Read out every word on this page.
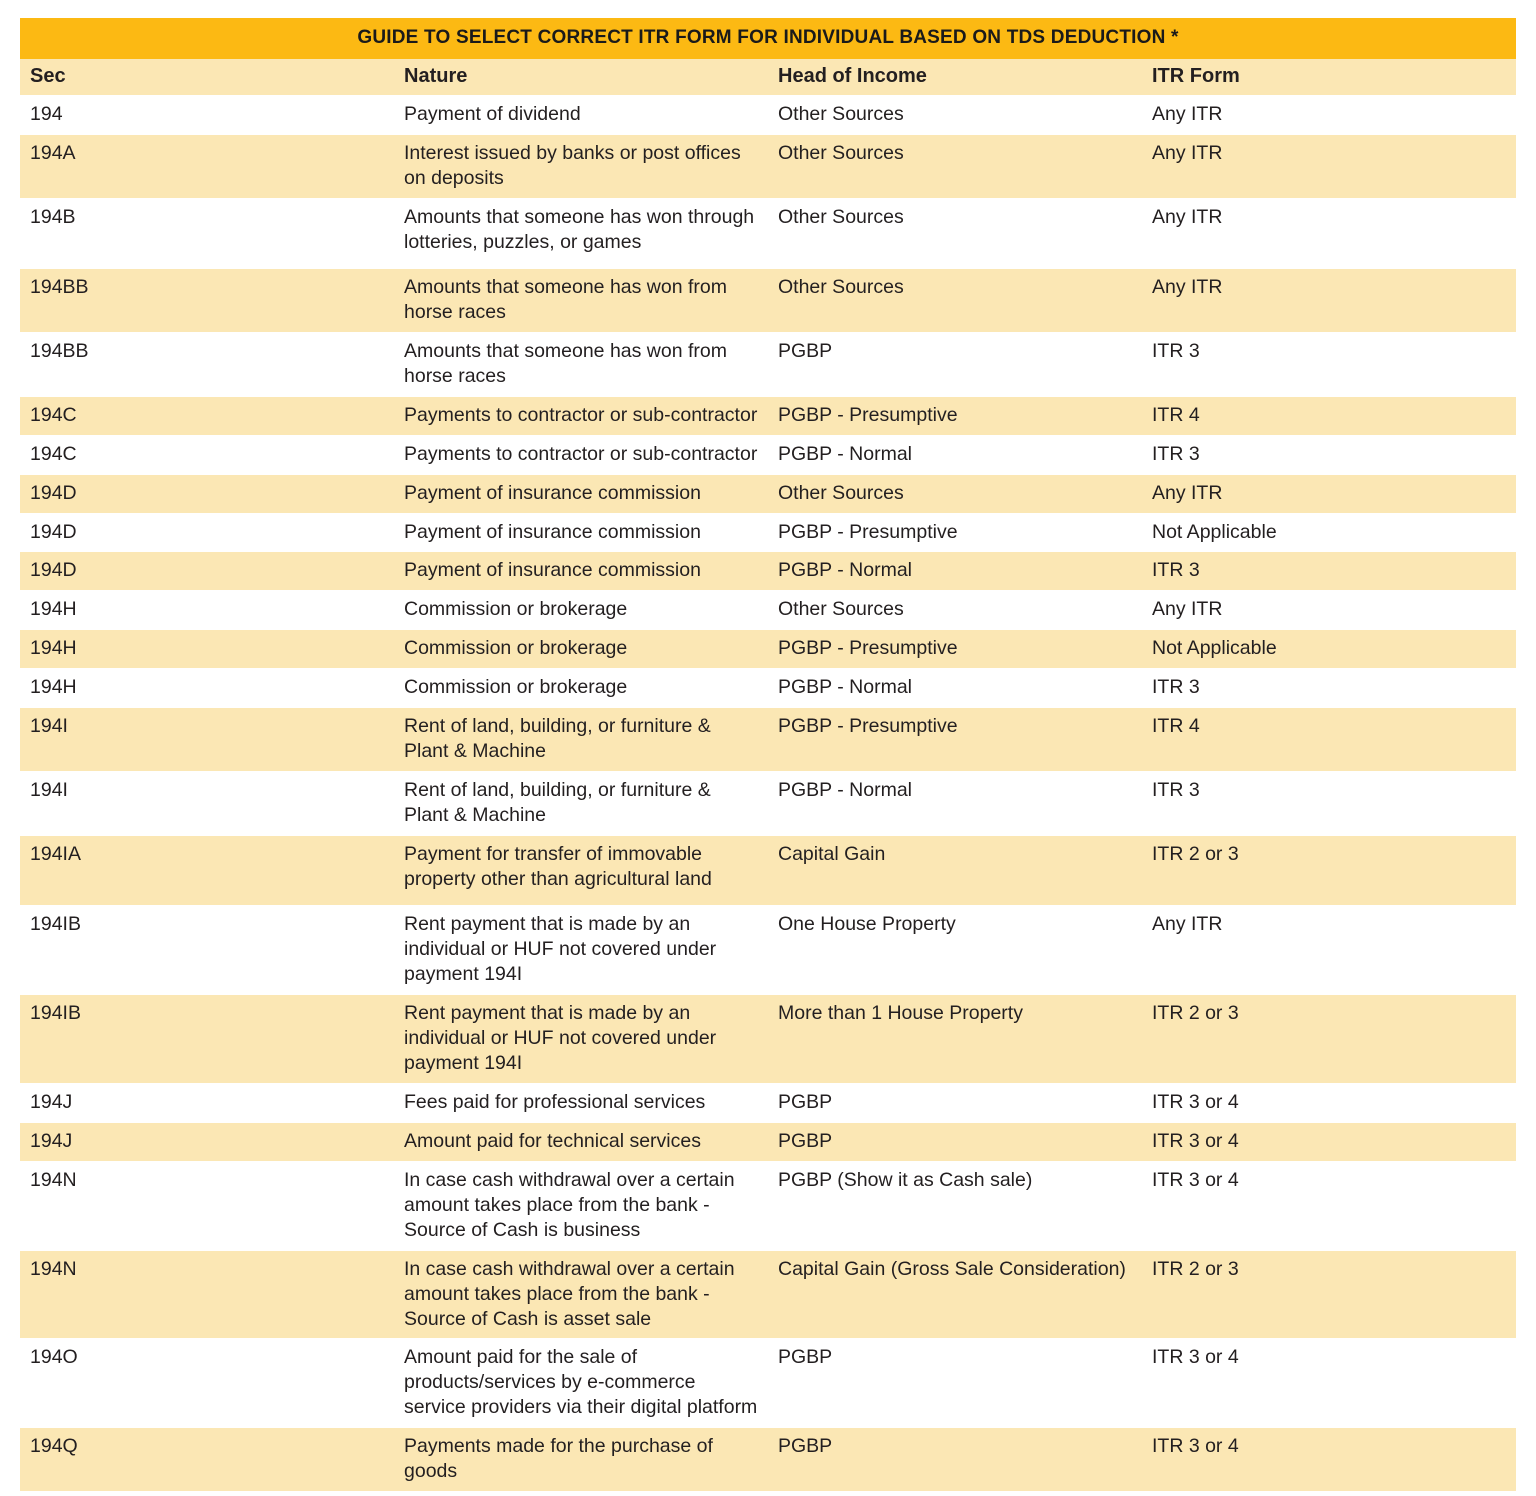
GUIDE TO SELECT CORRECT ITR FORM FOR INDIVIDUAL BASED ON TDS DEDUCTION *			
Sec	Nature	Head of Income	ITR Form
194	Payment of dividend	Other Sources	Any ITR
194A	Interest issued by banks or post offices on deposits	Other Sources	Any ITR
194B	Amounts that someone has won through lotteries, puzzles, or games	Other Sources	Any ITR
194BB	Amounts that someone has won from horse races	Other Sources	Any ITR
194BB	Amounts that someone has won from horse races	PGBP	ITR 3
194C	Payments to contractor or sub-contractor	PGBP - Presumptive	ITR 4
194C	Payments to contractor or sub-contractor	PGBP - Normal	ITR 3
194D	Payment of insurance commission	Other Sources	Any ITR
194D	Payment of insurance commission	PGBP - Presumptive	Not Applicable
194D	Payment of insurance commission	PGBP - Normal	ITR 3
194H	Commission or brokerage	Other Sources	Any ITR
194H	Commission or brokerage	PGBP - Presumptive	Not Applicable
194H	Commission or brokerage	PGBP - Normal	ITR 3
194I	Rent of land, building, or furniture & Plant & Machine	PGBP - Presumptive	ITR 4
194I	Rent of land, building, or furniture & Plant & Machine	PGBP - Normal	ITR 3
194IA	Payment for transfer of immovable property other than agricultural land	Capital Gain	ITR 2 or 3
194IB	Rent payment that is made by an individual or HUF not covered under payment 194I	One House Property	Any ITR
194IB	Rent payment that is made by an individual or HUF not covered under payment 194I	More than 1 House Property	ITR 2 or 3
194J	Fees paid for professional services	PGBP	ITR 3 or 4
194J	Amount paid for technical services	PGBP	ITR 3 or 4
194N	In case cash withdrawal over a certain amount takes place from the bank - Source of Cash is business	PGBP (Show it as Cash sale)	ITR 3 or 4
194N	In case cash withdrawal over a certain amount takes place from the bank - Source of Cash is asset sale	Capital Gain (Gross Sale Consideration)	ITR 2 or 3
194O	Amount paid for the sale of products/services by e-commerce service providers via their digital platform	PGBP	ITR 3 or 4
194Q	Payments made for the purchase of goods	PGBP	ITR 3 or 4
